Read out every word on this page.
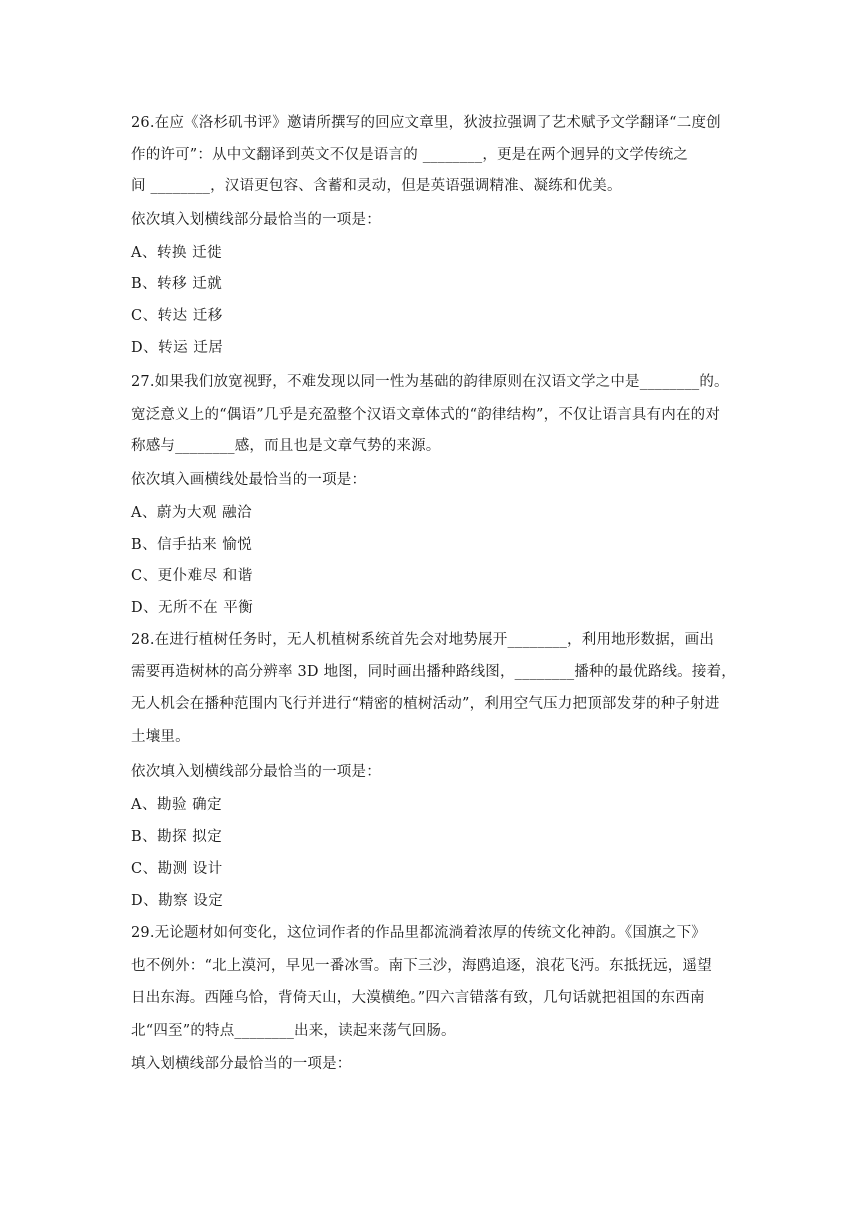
26.在应《洛杉矶书评》邀请所撰写的回应文章里，狄波拉强调了艺术赋予文学翻译“二度创
作的许可”：从中文翻译到英文不仅是语言的 ________，更是在两个迥异的文学传统之
间 ________，汉语更包容、含蓄和灵动，但是英语强调精准、凝练和优美。
依次填入划横线部分最恰当的一项是：
A、转换 迁徙
B、转移 迁就
C、转达 迁移
D、转运 迁居
27.如果我们放宽视野，不难发现以同一性为基础的韵律原则在汉语文学之中是________的。
宽泛意义上的“偶语”几乎是充盈整个汉语文章体式的“韵律结构”，不仅让语言具有内在的对
称感与________感，而且也是文章气势的来源。
依次填入画横线处最恰当的一项是：
A、蔚为大观 融洽
B、信手拈来 愉悦
C、更仆难尽 和谐
D、无所不在 平衡
28.在进行植树任务时，无人机植树系统首先会对地势展开________，利用地形数据，画出
需要再造树林的高分辨率 3D 地图，同时画出播种路线图，________播种的最优路线。接着，
无人机会在播种范围内飞行并进行“精密的植树活动”，利用空气压力把顶部发芽的种子射进
土壤里。
依次填入划横线部分最恰当的一项是：
A、勘验 确定
B、勘探 拟定
C、勘测 设计
D、勘察 设定
29.无论题材如何变化，这位词作者的作品里都流淌着浓厚的传统文化神韵。《国旗之下》
也不例外：“北上漠河，早见一番冰雪。南下三沙，海鸥追逐，浪花飞沔。东抵抚远，遥望
日出东海。西陲乌恰，背倚天山，大漠横绝。”四六言错落有致，几句话就把祖国的东西南
北“四至”的特点________出来，读起来荡气回肠。
填入划横线部分最恰当的一项是：
